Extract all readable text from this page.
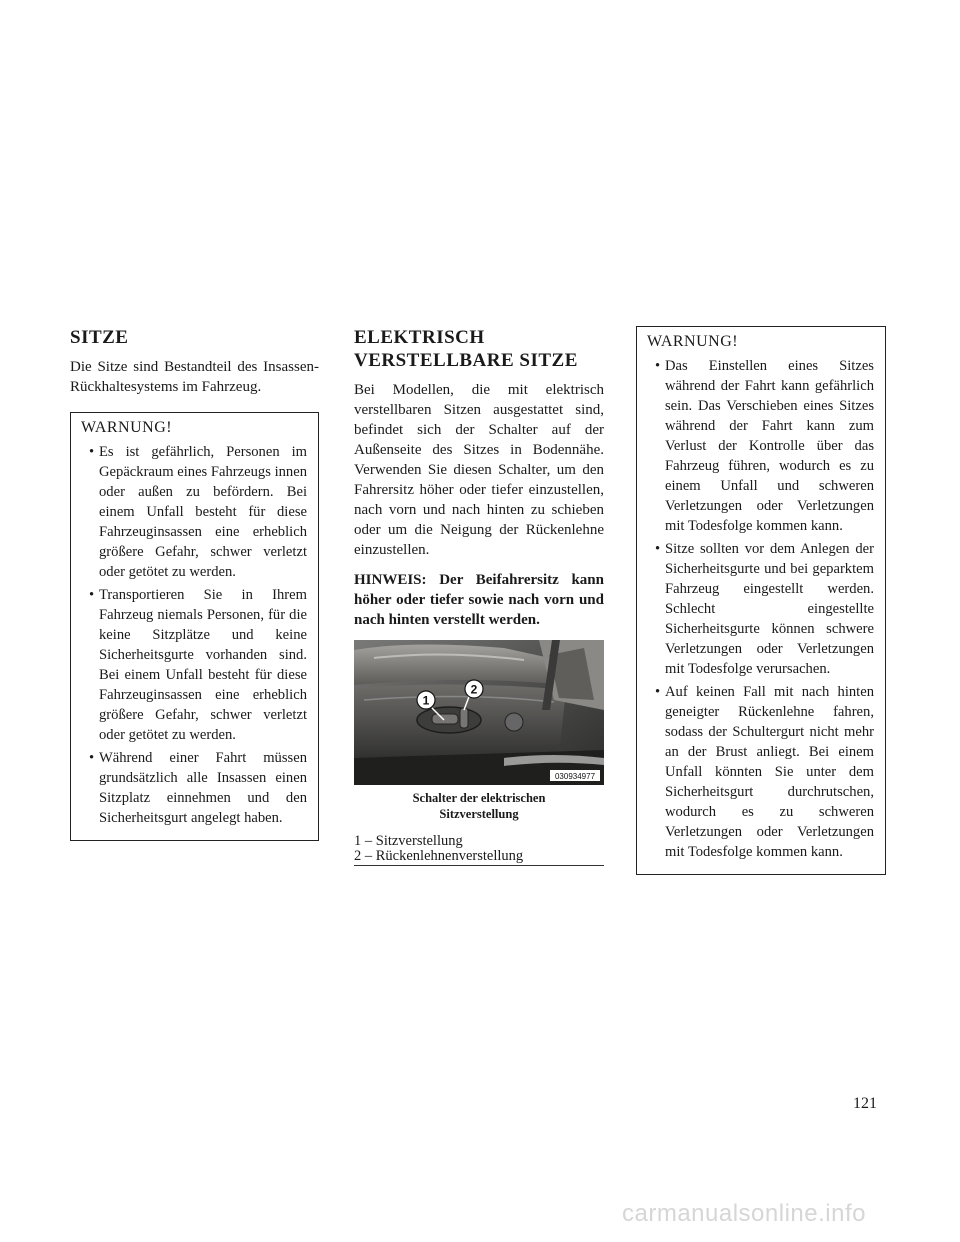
SITZE

Die Sitze sind Bestandteil des Insassen-Rückhaltesystems im Fahrzeug.

WARNUNG!
• Es ist gefährlich, Personen im Gepäckraum eines Fahrzeugs innen oder außen zu befördern. Bei einem Unfall besteht für diese Fahrzeuginsassen eine erheblich größere Gefahr, schwer verletzt oder getötet zu werden.
• Transportieren Sie in Ihrem Fahrzeug niemals Personen, für die keine Sitzplätze und keine Sicherheitsgurte vorhanden sind. Bei einem Unfall besteht für diese Fahrzeuginsassen eine erheblich größere Gefahr, schwer verletzt oder getötet zu werden.
• Während einer Fahrt müssen grundsätzlich alle Insassen einen Sitzplatz einnehmen und den Sicherheitsgurt angelegt haben.
ELEKTRISCH
VERSTELLBARE SITZE

Bei Modellen, die mit elektrisch verstellbaren Sitzen ausgestattet sind, befindet sich der Schalter auf der Außenseite des Sitzes in Bodennähe. Verwenden Sie diesen Schalter, um den Fahrersitz höher oder tiefer einzustellen, nach vorn und nach hinten zu schieben oder um die Neigung der Rückenlehne einzustellen.

HINWEIS: Der Beifahrersitz kann höher oder tiefer sowie nach vorn und nach hinten verstellt werden.

1
2
030934977
Schalter der elektrischen
Sitzverstellung
1 – Sitzverstellung
2 – Rückenlehnenverstellung
WARNUNG!
• Das Einstellen eines Sitzes während der Fahrt kann gefährlich sein. Das Verschieben eines Sitzes während der Fahrt kann zum Verlust der Kontrolle über das Fahrzeug führen, wodurch es zu einem Unfall und schweren Verletzungen oder Verletzungen mit Todesfolge kommen kann.
• Sitze sollten vor dem Anlegen der Sicherheitsgurte und bei geparktem Fahrzeug eingestellt werden. Schlecht eingestellte Sicherheitsgurte können schwere Verletzungen oder Verletzungen mit Todesfolge verursachen.
• Auf keinen Fall mit nach hinten geneigter Rückenlehne fahren, sodass der Schultergurt nicht mehr an der Brust anliegt. Bei einem Unfall könnten Sie unter dem Sicherheitsgurt durchrutschen, wodurch es zu schweren Verletzungen oder Verletzungen mit Todesfolge kommen kann.
121
carmanualsonline.info
